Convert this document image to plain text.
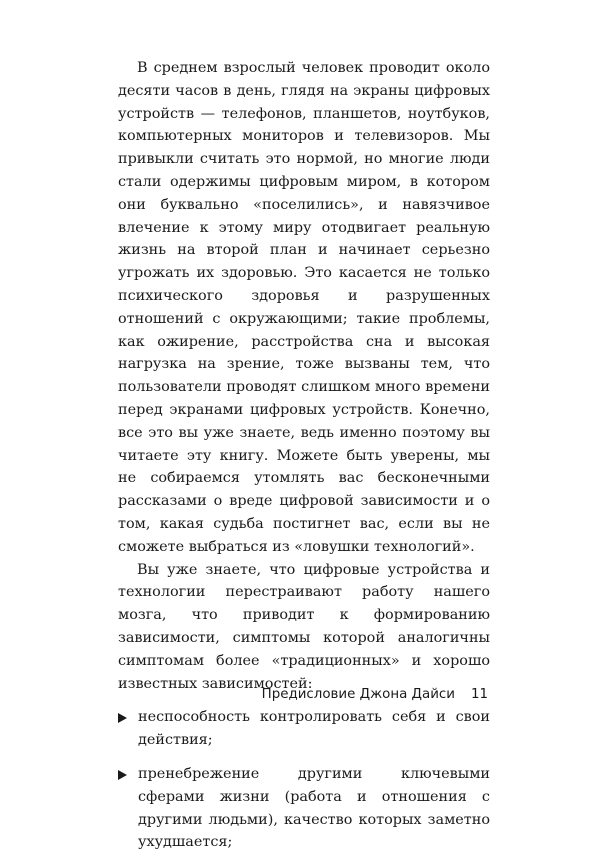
В среднем взрослый человек проводит около десяти часов в день, глядя на экраны цифровых устройств — телефонов, планшетов, ноутбуков, компьютерных мониторов и телевизоров. Мы привыкли считать это нормой, но многие люди стали одержимы цифровым миром, в котором они буквально «поселились», и навязчивое влечение к этому миру отодвигает реальную жизнь на второй план и начинает серьезно угрожать их здоровью. Это касается не только психического здоровья и разрушенных отношений с окружающими; такие проблемы, как ожирение, расстройства сна и высокая нагрузка на зрение, тоже вызваны тем, что пользователи проводят слишком много времени перед экранами цифровых устройств. Конечно, все это вы уже знаете, ведь именно поэтому вы читаете эту книгу. Можете быть уверены, мы не собираемся утомлять вас бесконечными рассказами о вреде цифровой зависимости и о том, какая судьба постигнет вас, если вы не сможете выбраться из «ловушки технологий».

Вы уже знаете, что цифровые устройства и технологии перестраивают работу нашего мозга, что приводит к формированию зависимости, симптомы которой аналогичны симптомам более «традиционных» и хорошо известных зависимостей:

неспособность контролировать себя и свои действия;
пренебрежение другими ключевыми сферами жизни (работа и отношения с другими людьми), качество которых заметно ухудшается;
Предисловие Джона Дайси 11
